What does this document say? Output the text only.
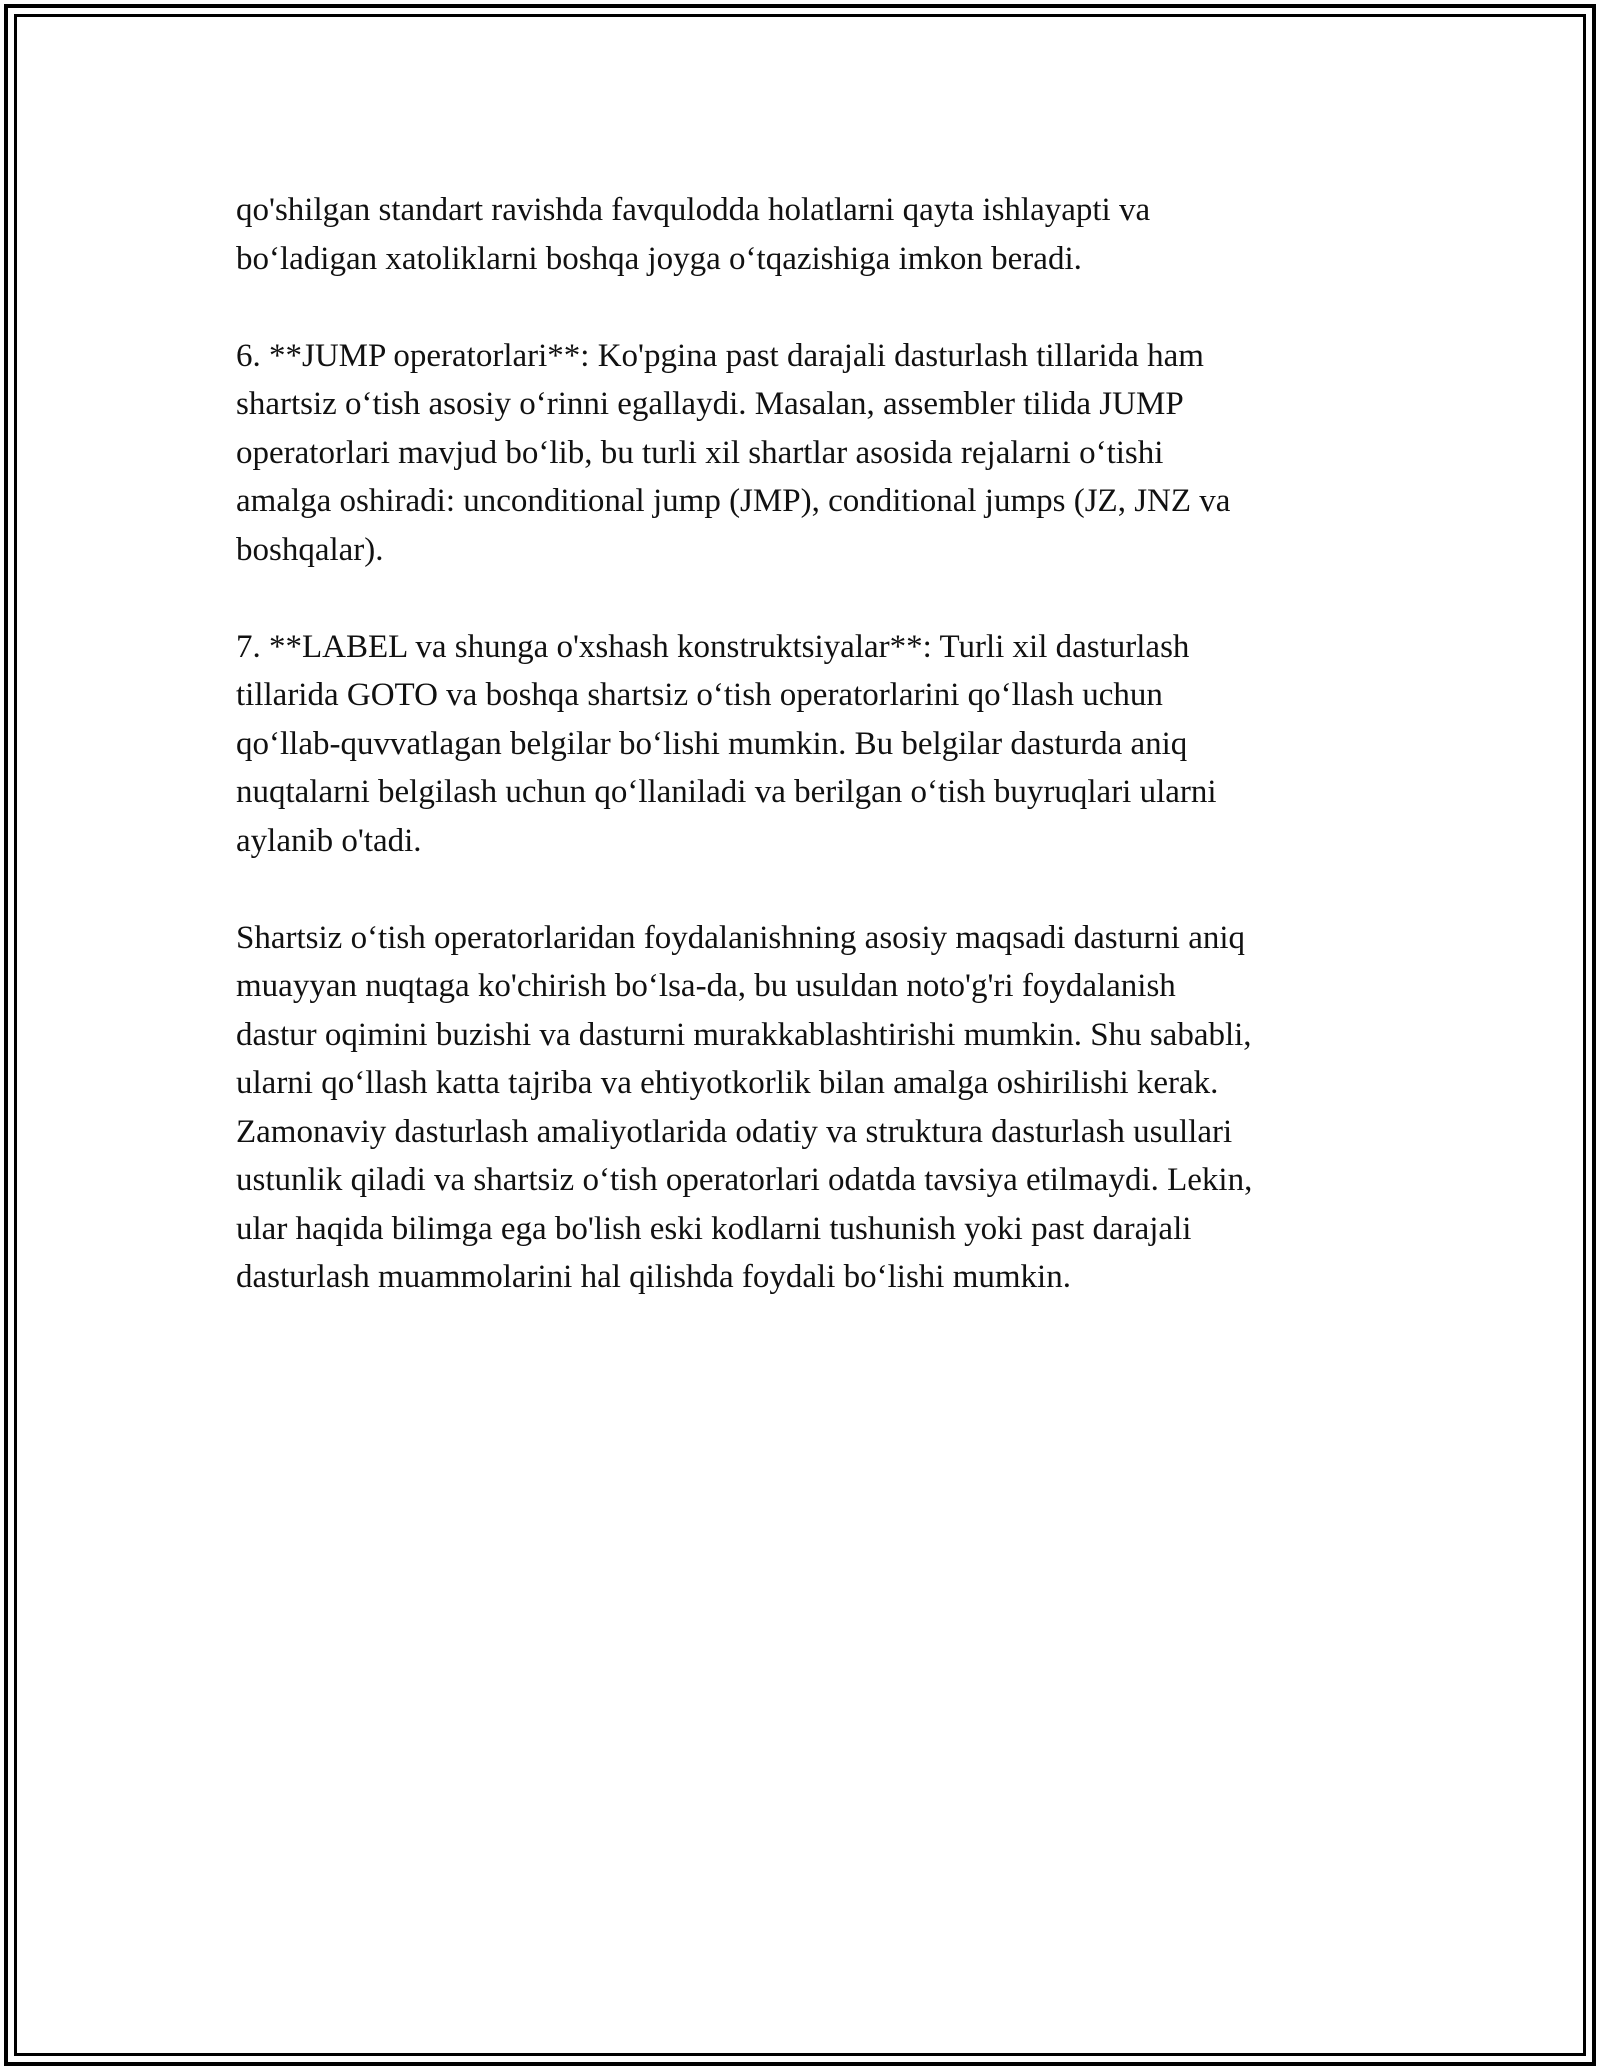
qo'shilgan standart ravishda favqulodda holatlarni qayta ishlayapti va
bo‘ladigan xatoliklarni boshqa joyga o‘tqazishiga imkon beradi.
6. **JUMP operatorlari**: Ko'pgina past darajali dasturlash tillarida ham
shartsiz o‘tish asosiy o‘rinni egallaydi. Masalan, assembler tilida JUMP
operatorlari mavjud bo‘lib, bu turli xil shartlar asosida rejalarni o‘tishi
amalga oshiradi: unconditional jump (JMP), conditional jumps (JZ, JNZ va
boshqalar).
7. **LABEL va shunga o'xshash konstruktsiyalar**: Turli xil dasturlash
tillarida GOTO va boshqa shartsiz o‘tish operatorlarini qo‘llash uchun
qo‘llab-quvvatlagan belgilar bo‘lishi mumkin. Bu belgilar dasturda aniq
nuqtalarni belgilash uchun qo‘llaniladi va berilgan o‘tish buyruqlari ularni
aylanib o'tadi.
Shartsiz o‘tish operatorlaridan foydalanishning asosiy maqsadi dasturni aniq
muayyan nuqtaga ko'chirish bo‘lsa-da, bu usuldan noto'g'ri foydalanish
dastur oqimini buzishi va dasturni murakkablashtirishi mumkin. Shu sababli,
ularni qo‘llash katta tajriba va ehtiyotkorlik bilan amalga oshirilishi kerak.
Zamonaviy dasturlash amaliyotlarida odatiy va struktura dasturlash usullari
ustunlik qiladi va shartsiz o‘tish operatorlari odatda tavsiya etilmaydi. Lekin,
ular haqida bilimga ega bo'lish eski kodlarni tushunish yoki past darajali
dasturlash muammolarini hal qilishda foydali bo‘lishi mumkin.
